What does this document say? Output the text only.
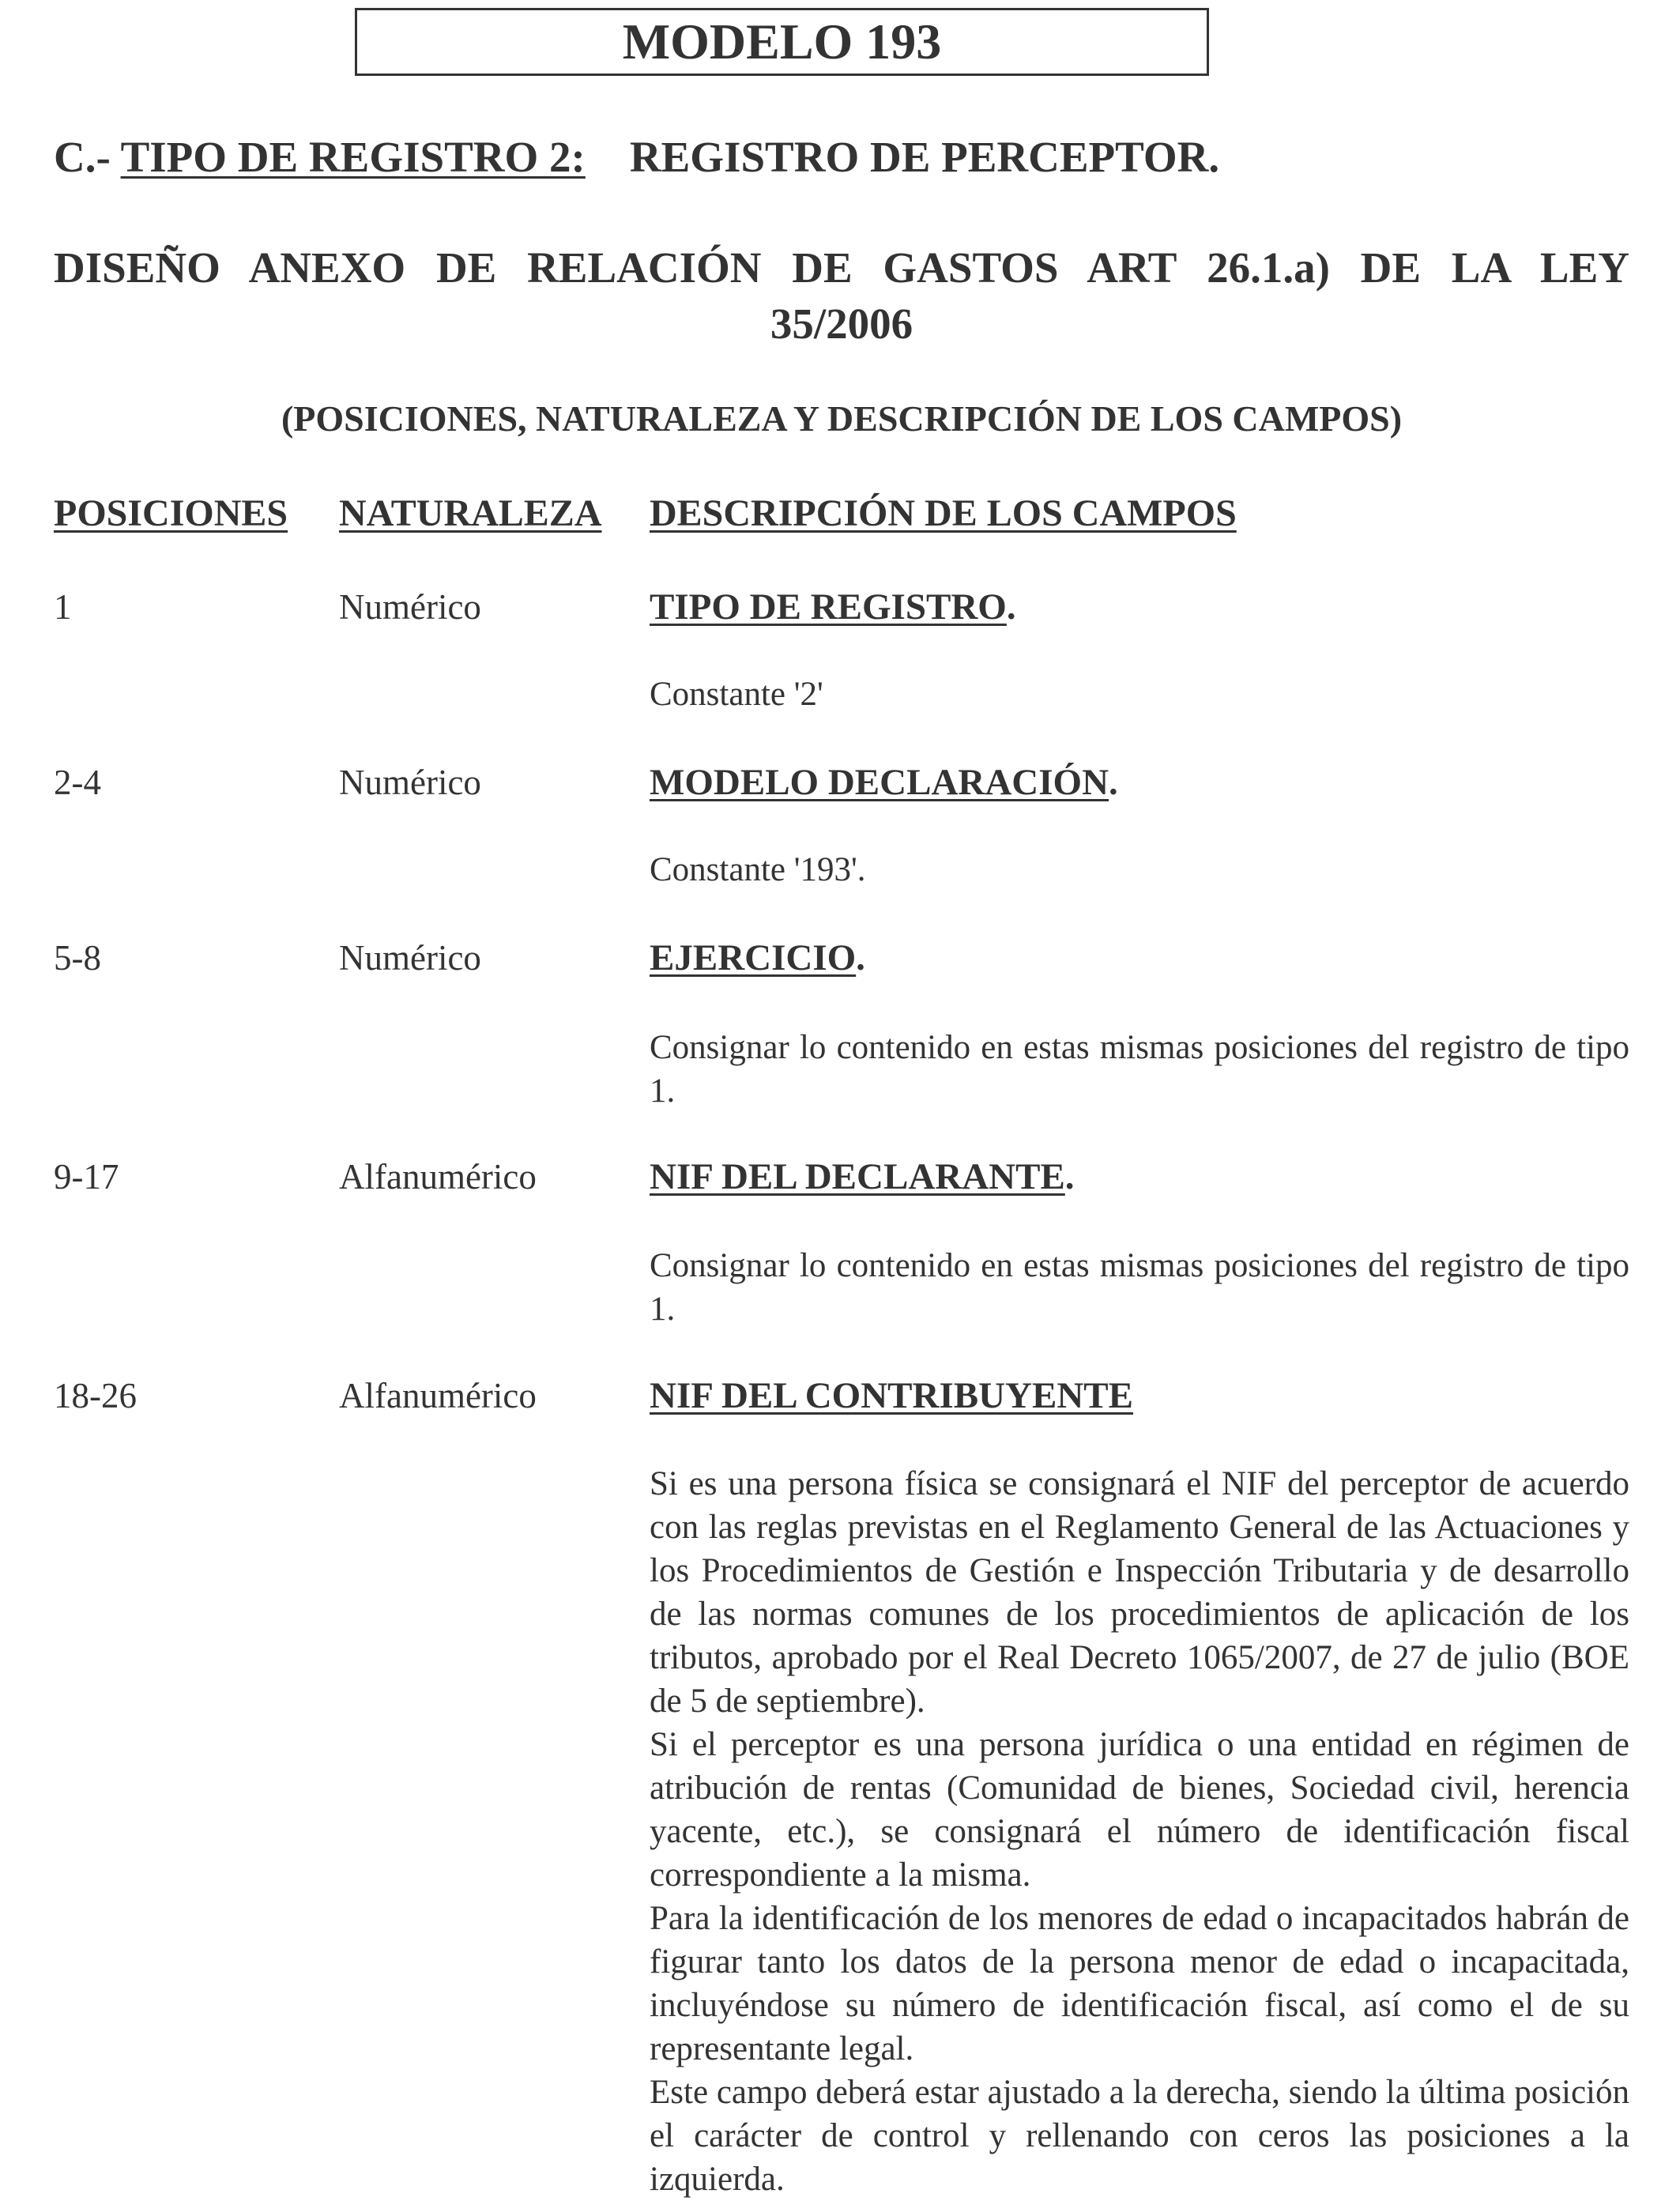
MODELO 193
C.- TIPO DE REGISTRO 2: REGISTRO DE PERCEPTOR.
DISEÑO ANEXO DE RELACIÓN DE GASTOS ART 26.1.a) DE LA LEY
35/2006
(POSICIONES, NATURALEZA Y DESCRIPCIÓN DE LOS CAMPOS)
POSICIONES NATURALEZA DESCRIPCIÓN DE LOS CAMPOS
1	Numérico	TIPO DE REGISTRO.

Constante '2'

2-4	Numérico	MODELO DECLARACIÓN.

Constante '193'.

5-8	Numérico	EJERCICIO.

Consignar lo contenido en estas mismas posiciones del registro de tipo 1.

9-17	Alfanumérico	NIF DEL DECLARANTE.

Consignar lo contenido en estas mismas posiciones del registro de tipo 1.

18-26	Alfanumérico	NIF DEL CONTRIBUYENTE

Si es una persona física se consignará el NIF del perceptor de acuerdo con las reglas previstas en el Reglamento General de las Actuaciones y los Procedimientos de Gestión e Inspección Tributaria y de desarrollo de las normas comunes de los procedimientos de aplicación de los tributos, aprobado por el Real Decreto 1065/2007, de 27 de julio (BOE de 5 de septiembre).

Si el perceptor es una persona jurídica o una entidad en régimen de atribución de rentas (Comunidad de bienes, Sociedad civil, herencia yacente, etc.), se consignará el número de identificación fiscal correspondiente a la misma.

Para la identificación de los menores de edad o incapacitados habrán de figurar tanto los datos de la persona menor de edad o incapacitada, incluyéndose su número de identificación fiscal, así como el de su representante legal.

Este campo deberá estar ajustado a la derecha, siendo la última posición el carácter de control y rellenando con ceros las posiciones a la izquierda.
